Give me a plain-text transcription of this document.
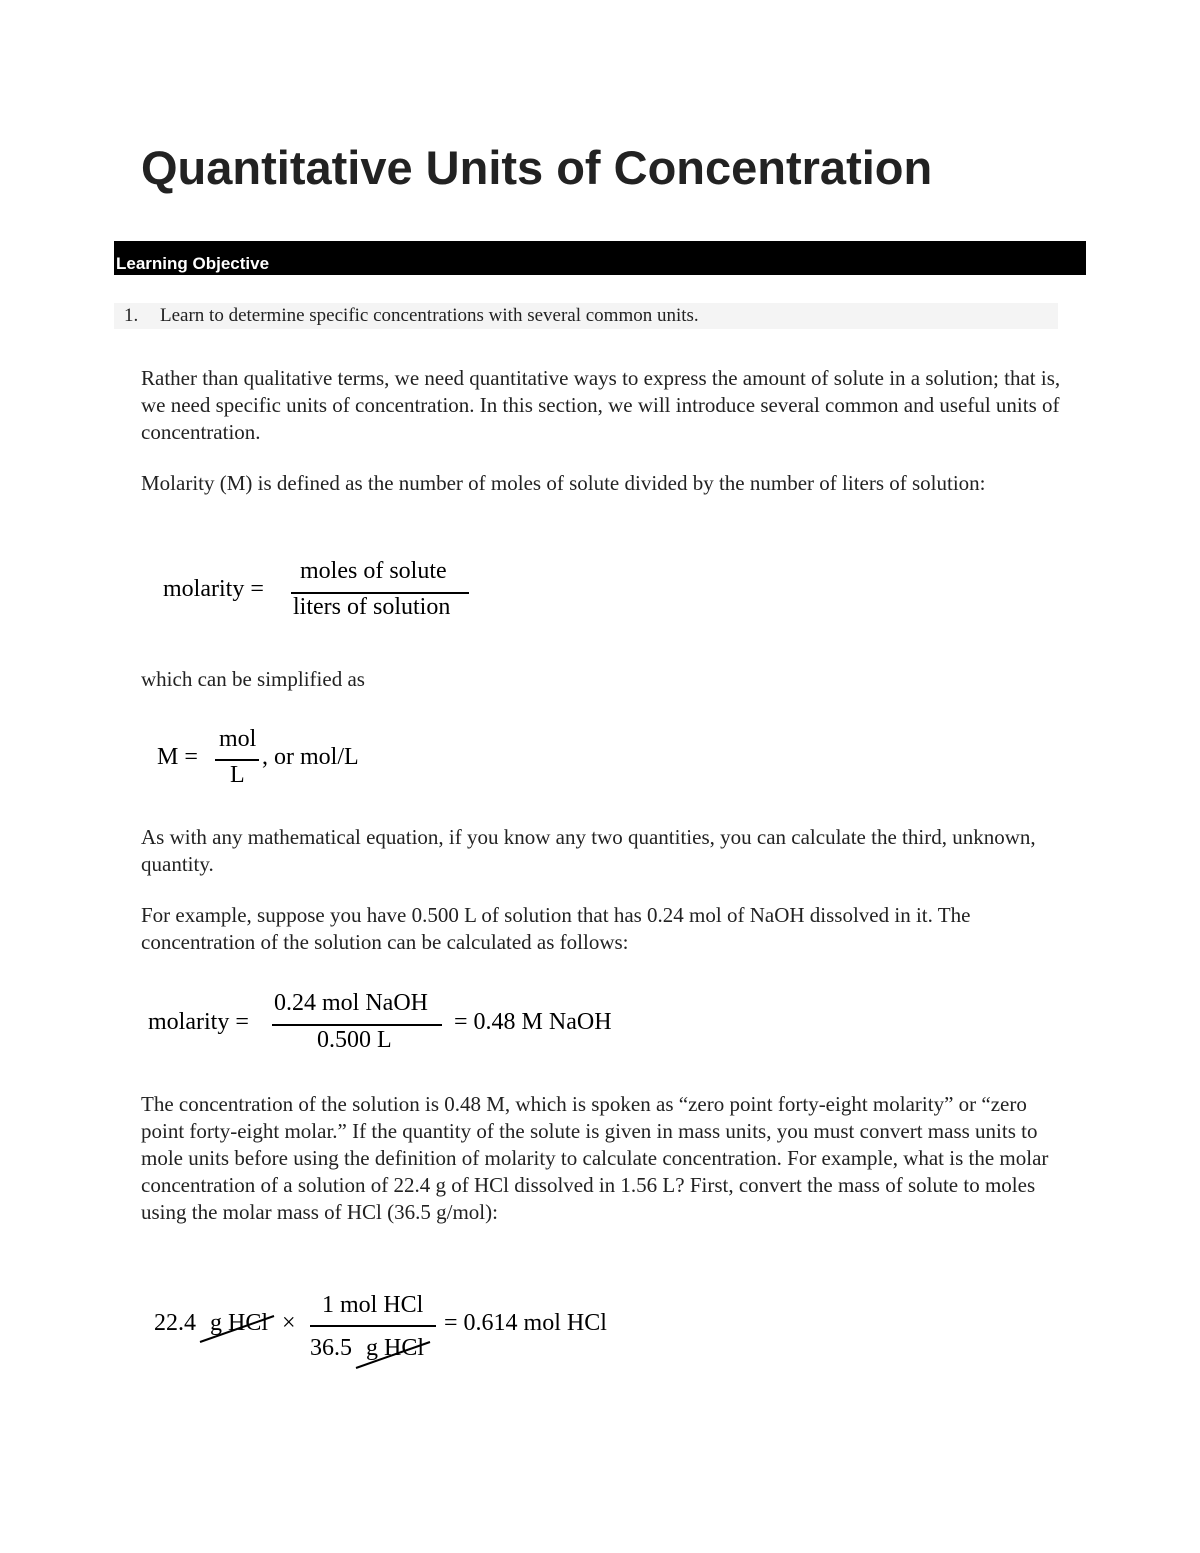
Quantitative Units of Concentration
Learning Objective
1. Learn to determine specific concentrations with several common units.

Rather than qualitative terms, we need quantitative ways to express the amount of solute in a solution; that is, we need specific units of concentration. In this section, we will introduce several common and useful units of concentration.

Molarity (M) is defined as the number of moles of solute divided by the number of liters of solution:

molarity =
moles of solute
liters of solution

which can be simplified as

M =
mol
L
, or mol/L

As with any mathematical equation, if you know any two quantities, you can calculate the third, unknown, quantity.

For example, suppose you have 0.500 L of solution that has 0.24 mol of NaOH dissolved in it. The concentration of the solution can be calculated as follows:

molarity =
0.24 mol NaOH
0.500 L
= 0.48 M NaOH

The concentration of the solution is 0.48 M, which is spoken as “zero point forty-eight molarity” or “zero point forty-eight molar.” If the quantity of the solute is given in mass units, you must convert mass units to mole units before using the definition of molarity to calculate concentration. For example, what is the molar concentration of a solution of 22.4 g of HCl dissolved in 1.56 L? First, convert the mass of solute to moles using the molar mass of HCl (36.5 g/mol):

22.4 g HCl ×
1 mol HCl
36.5 g HCl
= 0.614 mol HCl
